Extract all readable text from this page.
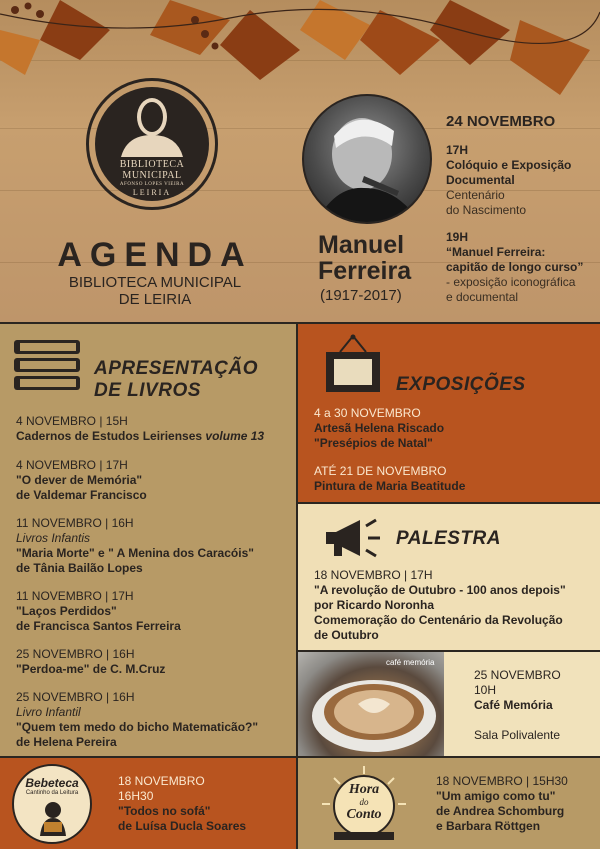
BIBLIOTECA
MUNICIPAL
AFONSO LOPES VIEIRA
LEIRIA
AGENDA
BIBLIOTECA MUNICIPAL
DE LEIRIA
Manuel
Ferreira
(1917-2017)
24 NOVEMBRO
17H
Colóquio e Exposição
Documental
Centenário
do Nascimento
19H
“Manuel Ferreira:
capitão de longo curso”
- exposição iconográfica
e documental
APRESENTAÇÃO
DE LIVROS
4 NOVEMBRO | 15H
Cadernos de Estudos Leirienses volume 13
4 NOVEMBRO | 17H
"O dever de Memória"
de Valdemar Francisco
11 NOVEMBRO | 16H
Livros Infantis
"Maria Morte" e " A Menina dos Caracóis"
de Tânia Bailão Lopes
11 NOVEMBRO | 17H
"Laços Perdidos"
de Francisca Santos Ferreira
25 NOVEMBRO | 16H
"Perdoa-me" de C. M.Cruz
25 NOVEMBRO | 16H
Livro Infantil
"Quem tem medo do bicho Matematicão?"
de Helena Pereira
EXPOSIÇÕES
4 a 30 NOVEMBRO
Artesã Helena Riscado
"Presépios de Natal"
ATÉ 21 DE NOVEMBRO
Pintura de Maria Beatitude
PALESTRA
18 NOVEMBRO | 17H
"A revolução de Outubro - 100 anos depois"
por Ricardo Noronha
Comemoração do Centenário da Revolução
de Outubro
café memória
25 NOVEMBRO
10H
Café Memória
Sala Polivalente
Bebeteca
Cantinho da Leitura
18 NOVEMBRO
16H30
"Todos no sofá"
de Luísa Ducla Soares
Hora
do
Conto
18 NOVEMBRO | 15H30
"Um amigo como tu"
de Andrea Schomburg
e Barbara Röttgen
